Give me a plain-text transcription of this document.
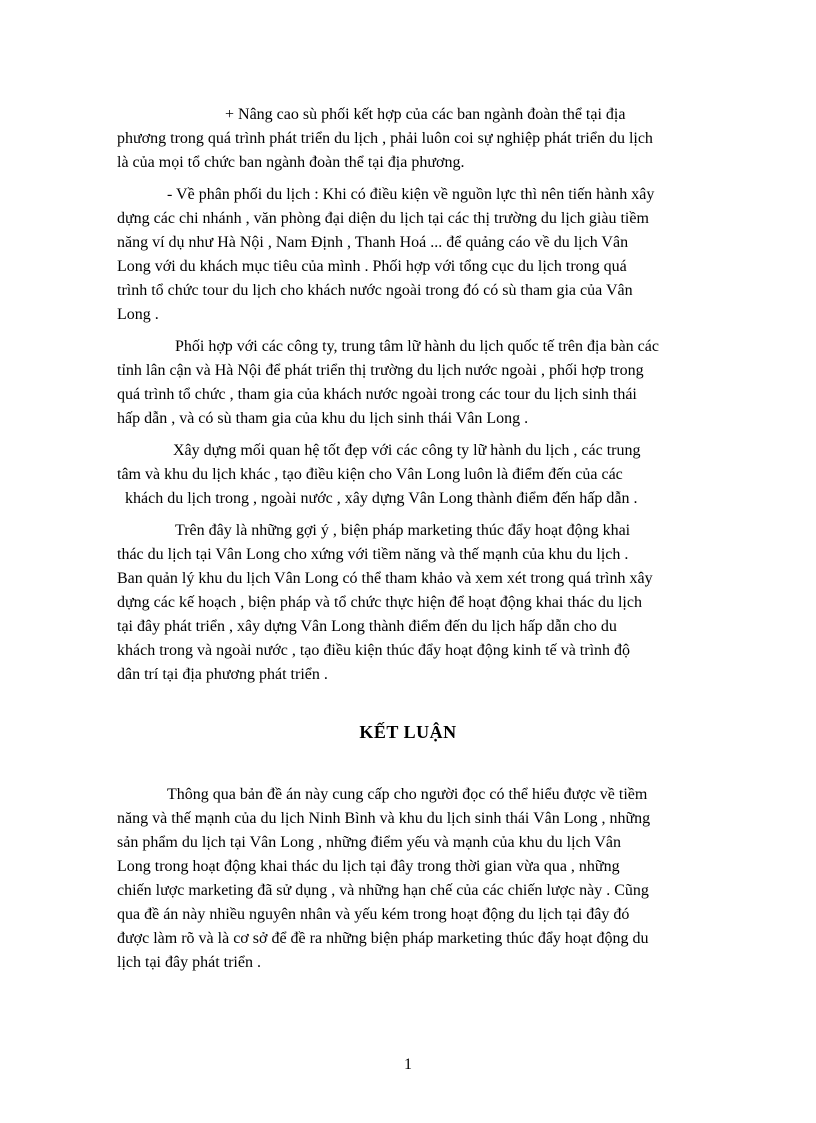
+ Nâng cao sù phối kết hợp của các ban ngành đoàn thể tại địa
phương trong quá trình phát triển du lịch , phải luôn coi sự nghiệp phát triển du lịch
là của mọi tổ chức ban ngành đoàn thể tại địa phương.
- Về phân phối du lịch : Khi có điều kiện về nguồn lực thì nên tiến hành xây
dựng các chi nhánh , văn phòng đại diện du lịch tại các thị trường du lịch giàu tiềm
năng ví dụ như Hà Nội , Nam Định , Thanh Hoá ... để quảng cáo về du lịch Vân
Long với du khách mục tiêu của mình . Phối hợp với tổng cục du lịch trong quá
trình tổ chức tour du lịch cho khách nước ngoài trong đó có sù tham gia của Vân
Long .
Phối hợp với các công ty, trung tâm lữ hành du lịch quốc tế trên địa bàn các
tỉnh lân cận và Hà Nội để phát triển thị trường du lịch nước ngoài , phối hợp trong
quá trình tổ chức , tham gia của khách nước ngoài trong các tour du lịch sinh thái
hấp dẫn , và có sù tham gia của khu du lịch sinh thái Vân Long .
Xây dựng mối quan hệ tốt đẹp với các công ty lữ hành du lịch , các trung
tâm và khu du lịch khác , tạo điều kiện cho Vân Long luôn là điểm đến của các
khách du lịch trong , ngoài nước , xây dựng Vân Long thành điểm đến hấp dẫn .
Trên đây là những gợi ý , biện pháp marketing thúc đẩy hoạt động khai
thác du lịch tại Vân Long cho xứng với tiềm năng và thế mạnh của khu du lịch .
Ban quản lý khu du lịch Vân Long có thể tham khảo và xem xét trong quá trình xây
dựng các kế hoạch , biện pháp và tổ chức thực hiện để hoạt động khai thác du lịch
tại đây phát triển , xây dựng Vân Long thành điểm đến du lịch hấp dẫn cho du
khách trong và ngoài nước , tạo điều kiện thúc đẩy hoạt động kinh tế và trình độ
dân trí tại địa phương phát triển .
KẾT LUẬN
Thông qua bản đề án này cung cấp cho người đọc có thể hiểu được về tiềm
năng và thế mạnh của du lịch Ninh Bình và khu du lịch sinh thái Vân Long , những
sản phẩm du lịch tại Vân Long , những điểm yếu và mạnh của khu du lịch Vân
Long trong hoạt động khai thác du lịch tại đây trong thời gian vừa qua , những
chiến lược marketing đã sử dụng , và những hạn chế của các chiến lược này . Cũng
qua đề án này nhiều nguyên nhân và yếu kém trong hoạt động du lịch tại đây đó
được làm rõ và là cơ sở để đề ra những biện pháp marketing thúc đẩy hoạt động du
lịch tại đây phát triển .
1
